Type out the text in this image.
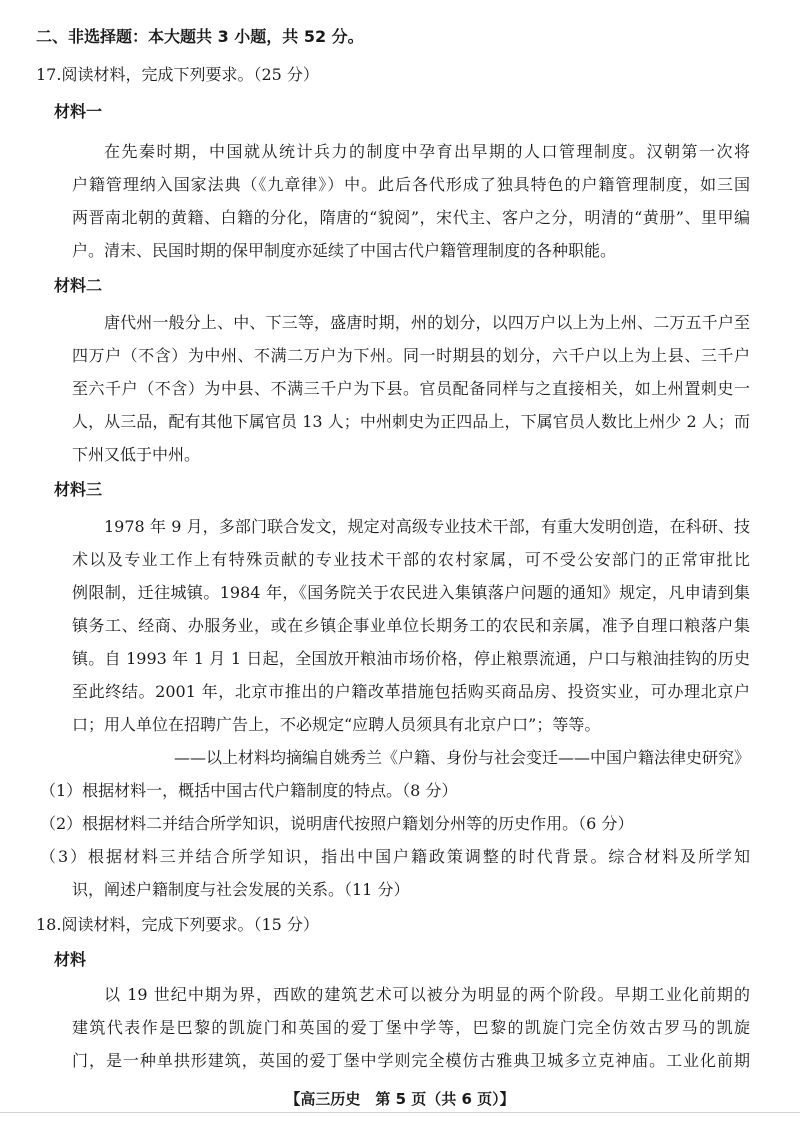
二、非选择题：本大题共 3 小题，共 52 分。
17.阅读材料，完成下列要求。（25 分）
材料一
在先秦时期，中国就从统计兵力的制度中孕育出早期的人口管理制度。汉朝第一次将
户籍管理纳入国家法典（《九章律》）中。此后各代形成了独具特色的户籍管理制度，如三国
两晋南北朝的黄籍、白籍的分化，隋唐的“貌阅”，宋代主、客户之分，明清的“黄册”、里甲编
户。清末、民国时期的保甲制度亦延续了中国古代户籍管理制度的各种职能。
材料二
唐代州一般分上、中、下三等，盛唐时期，州的划分，以四万户以上为上州、二万五千户至
四万户（不含）为中州、不满二万户为下州。同一时期县的划分，六千户以上为上县、三千户
至六千户（不含）为中县、不满三千户为下县。官员配备同样与之直接相关，如上州置刺史一
人，从三品，配有其他下属官员 13 人；中州刺史为正四品上，下属官员人数比上州少 2 人；而
下州又低于中州。
材料三
1978 年 9 月，多部门联合发文，规定对高级专业技术干部，有重大发明创造，在科研、技
术以及专业工作上有特殊贡献的专业技术干部的农村家属，可不受公安部门的正常审批比
例限制，迁往城镇。1984 年，《国务院关于农民进入集镇落户问题的通知》规定，凡申请到集
镇务工、经商、办服务业，或在乡镇企事业单位长期务工的农民和亲属，准予自理口粮落户集
镇。自 1993 年 1 月 1 日起，全国放开粮油市场价格，停止粮票流通，户口与粮油挂钩的历史
至此终结。2001 年，北京市推出的户籍改革措施包括购买商品房、投资实业，可办理北京户
口；用人单位在招聘广告上，不必规定“应聘人员须具有北京户口”；等等。
——以上材料均摘编自姚秀兰《户籍、身份与社会变迁——中国户籍法律史研究》
（1）根据材料一，概括中国古代户籍制度的特点。（8 分）
（2）根据材料二并结合所学知识，说明唐代按照户籍划分州等的历史作用。（6 分）
（3）根据材料三并结合所学知识，指出中国户籍政策调整的时代背景。综合材料及所学知
识，阐述户籍制度与社会发展的关系。（11 分）
18.阅读材料，完成下列要求。（15 分）
材料
以 19 世纪中期为界，西欧的建筑艺术可以被分为明显的两个阶段。早期工业化前期的
建筑代表作是巴黎的凯旋门和英国的爱丁堡中学等，巴黎的凯旋门完全仿效古罗马的凯旋
门，是一种单拱形建筑，英国的爱丁堡中学则完全模仿古雅典卫城多立克神庙。工业化前期
【高三历史　第 5 页（共 6 页）】
